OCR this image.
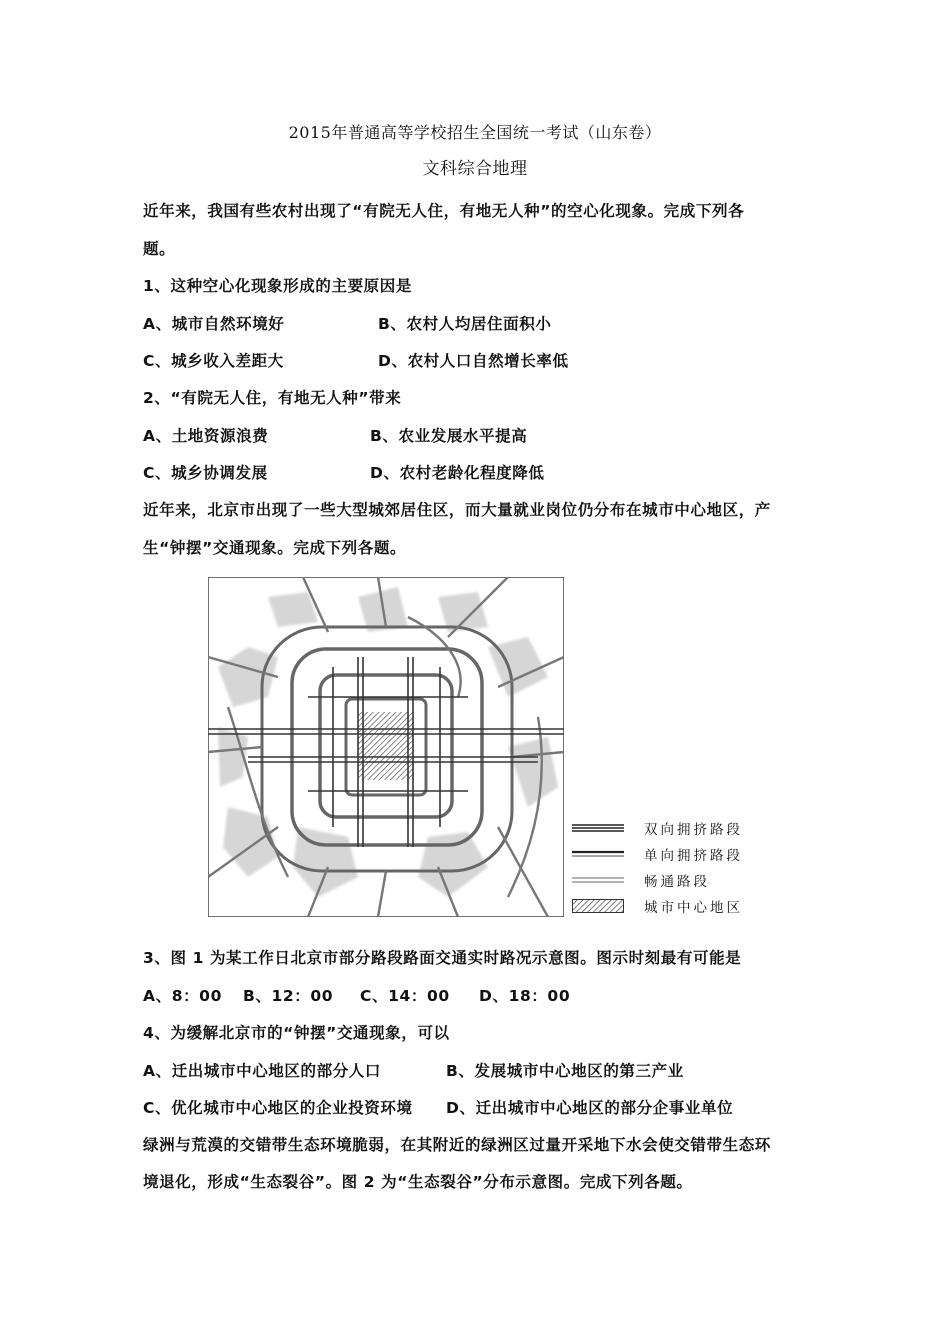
2015年普通高等学校招生全国统一考试（山东卷）
文科综合地理
近年来，我国有些农村出现了“有院无人住，有地无人种”的空心化现象。完成下列各
题。
1、这种空心化现象形成的主要原因是
A、城市自然环境好	B、农村人均居住面积小
C、城乡收入差距大	D、农村人口自然增长率低
2、“有院无人住，有地无人种”带来
A、土地资源浪费	B、农业发展水平提高
C、城乡协调发展	D、农村老龄化程度降低
近年来，北京市出现了一些大型城郊居住区，而大量就业岗位仍分布在城市中心地区，产
生“钟摆”交通现象。完成下列各题。
双向拥挤路段
单向拥挤路段
畅通路段
城市中心地区
3、图 1 为某工作日北京市部分路段路面交通实时路况示意图。图示时刻最有可能是
A、8：00 B、12：00 C、14：00 D、18：00
4、为缓解北京市的“钟摆”交通现象，可以
A、迁出城市中心地区的部分人口	B、发展城市中心地区的第三产业
C、优化城市中心地区的企业投资环境 D、迁出城市中心地区的部分企事业单位
绿洲与荒漠的交错带生态环境脆弱，在其附近的绿洲区过量开采地下水会使交错带生态环
境退化，形成“生态裂谷”。图 2 为“生态裂谷”分布示意图。完成下列各题。
